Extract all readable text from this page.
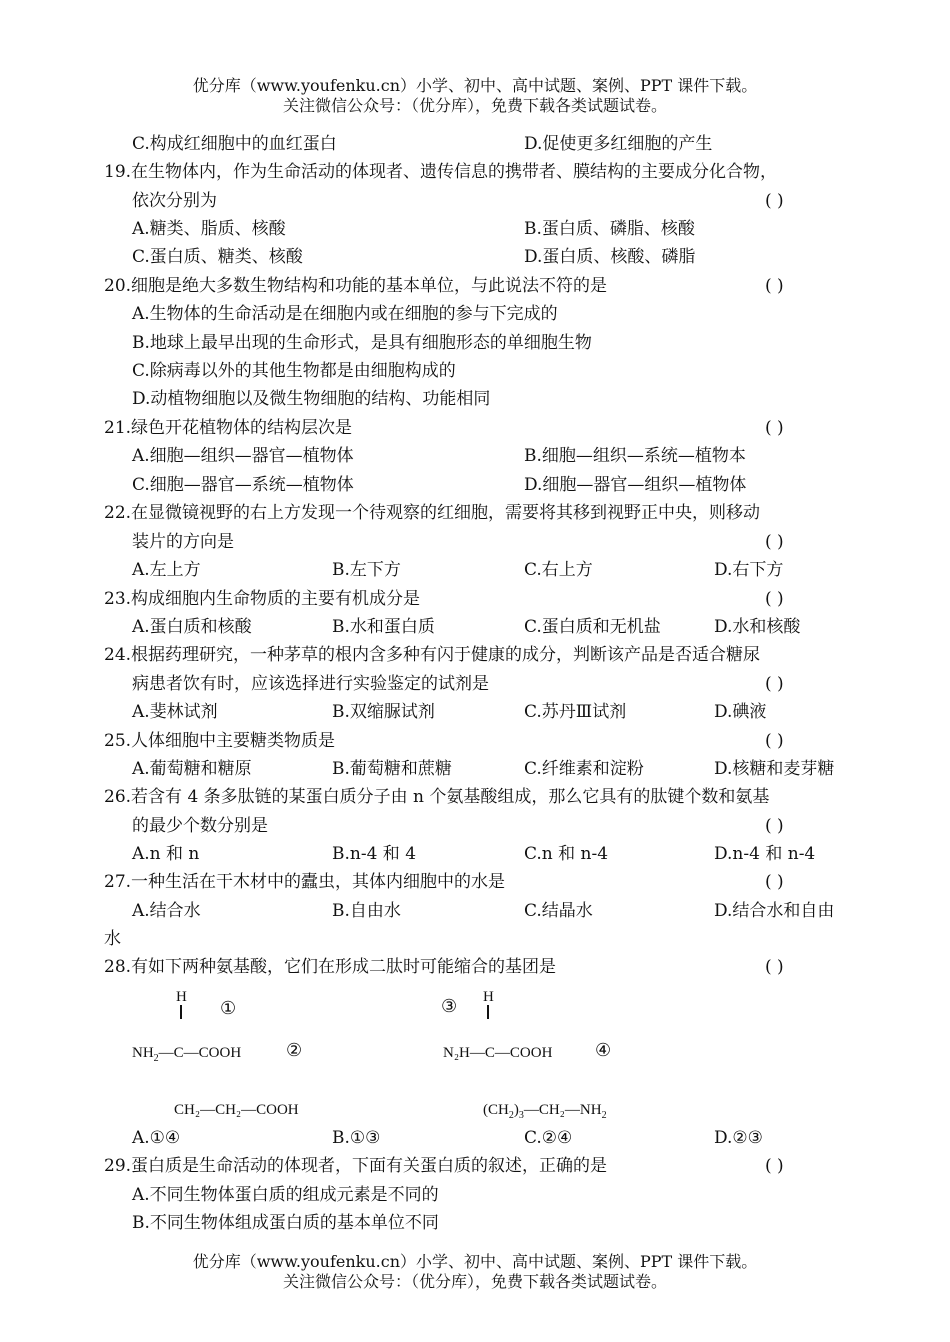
优分库（www.youfenku.cn）小学、初中、高中试题、案例、PPT 课件下载。
关注微信公众号：（优分库），免费下载各类试题试卷。
C.构成红细胞中的血红蛋白	D.促使更多红细胞的产生
19.在生物体内，作为生命活动的体现者、遗传信息的携带者、膜结构的主要成分化合物，
依次分别为	( )
A.糖类、脂质、核酸	B.蛋白质、磷脂、核酸
C.蛋白质、糖类、核酸	D.蛋白质、核酸、磷脂
20.细胞是绝大多数生物结构和功能的基本单位，与此说法不符的是	( )
A.生物体的生命活动是在细胞内或在细胞的参与下完成的
B.地球上最早出现的生命形式，是具有细胞形态的单细胞生物
C.除病毒以外的其他生物都是由细胞构成的
D.动植物细胞以及微生物细胞的结构、功能相同
21.绿色开花植物体的结构层次是	( )
A.细胞—组织—器官—植物体	B.细胞—组织—系统—植物本
C.细胞—器官—系统—植物体	D.细胞—器官—组织—植物体
22.在显微镜视野的右上方发现一个待观察的红细胞，需要将其移到视野正中央，则移动
装片的方向是	( )
A.左上方	B.左下方	C.右上方	D.右下方
23.构成细胞内生命物质的主要有机成分是	( )
A.蛋白质和核酸	B.水和蛋白质	C.蛋白质和无机盐	D.水和核酸
24.根据药理研究，一种茅草的根内含多种有闪于健康的成分，判断该产品是否适合糖尿
病患者饮有时，应该选择进行实验鉴定的试剂是	( )
A.斐林试剂	B.双缩脲试剂	C.苏丹Ⅲ试剂	D.碘液
25.人体细胞中主要糖类物质是	( )
A.葡萄糖和糖原	B.葡萄糖和蔗糖	C.纤维素和淀粉	D.核糖和麦芽糖
26.若含有 4 条多肽链的某蛋白质分子由 n 个氨基酸组成，那么它具有的肽键个数和氨基
的最少个数分别是	( )
A.n 和 n	B.n-4 和 4	C.n 和 n-4	D.n-4 和 n-4
27.一种生活在干木材中的蠹虫，其体内细胞中的水是	( )
A.结合水	B.自由水	C.结晶水	D.结合水和自由
水
28.有如下两种氨基酸，它们在形成二肽时可能缩合的基团是	( )
H
①
$NH_2—C—COOH$ ②
CH₂—CH₂—COOH
③ H
N₂H—C—COOH ④
$(CH_2)_3—CH_2—NH_2$
A.①④	B.①③	C.②④	D.②③
29.蛋白质是生命活动的体现者，下面有关蛋白质的叙述，正确的是	( )
A.不同生物体蛋白质的组成元素是不同的
B.不同生物体组成蛋白质的基本单位不同
优分库（www.youfenku.cn）小学、初中、高中试题、案例、PPT 课件下载。
关注微信公众号：（优分库），免费下载各类试题试卷。
